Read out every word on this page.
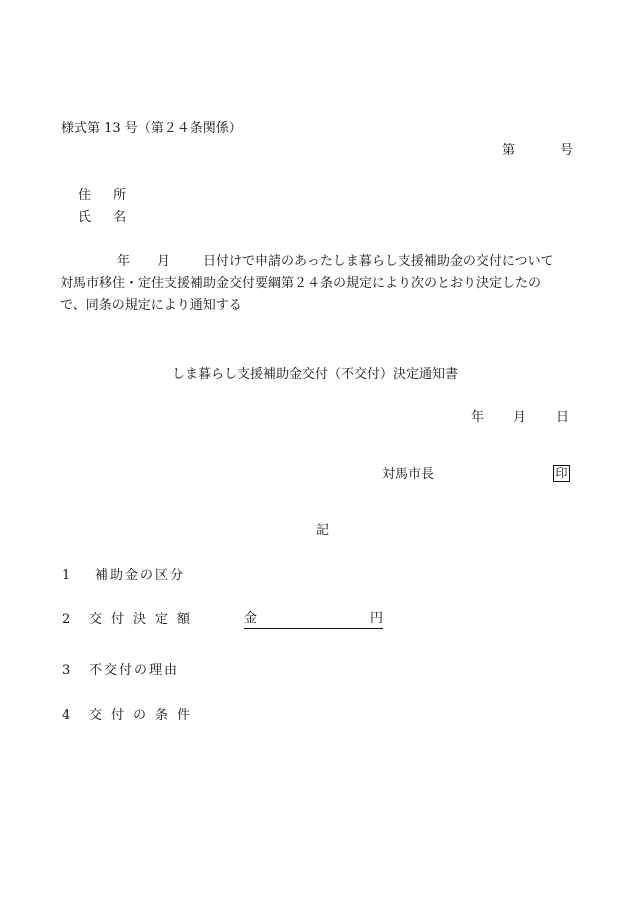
様式第 13 号（第２４条関係）
第	号
住 所
氏 名
年 月	日付けで申請のあったしま暮らし支援補助金の交付について
対馬市移住・定住支援補助金交付要綱第２４条の規定により次のとおり決定したの
で、同条の規定により通知する
しま暮らし支援補助金交付（不交付）決定通知書
年 月 日
対馬市長	印
記
1 補助金の区分
2 交付決定額
3 不交付の理由
4 交付の条件
金	円
